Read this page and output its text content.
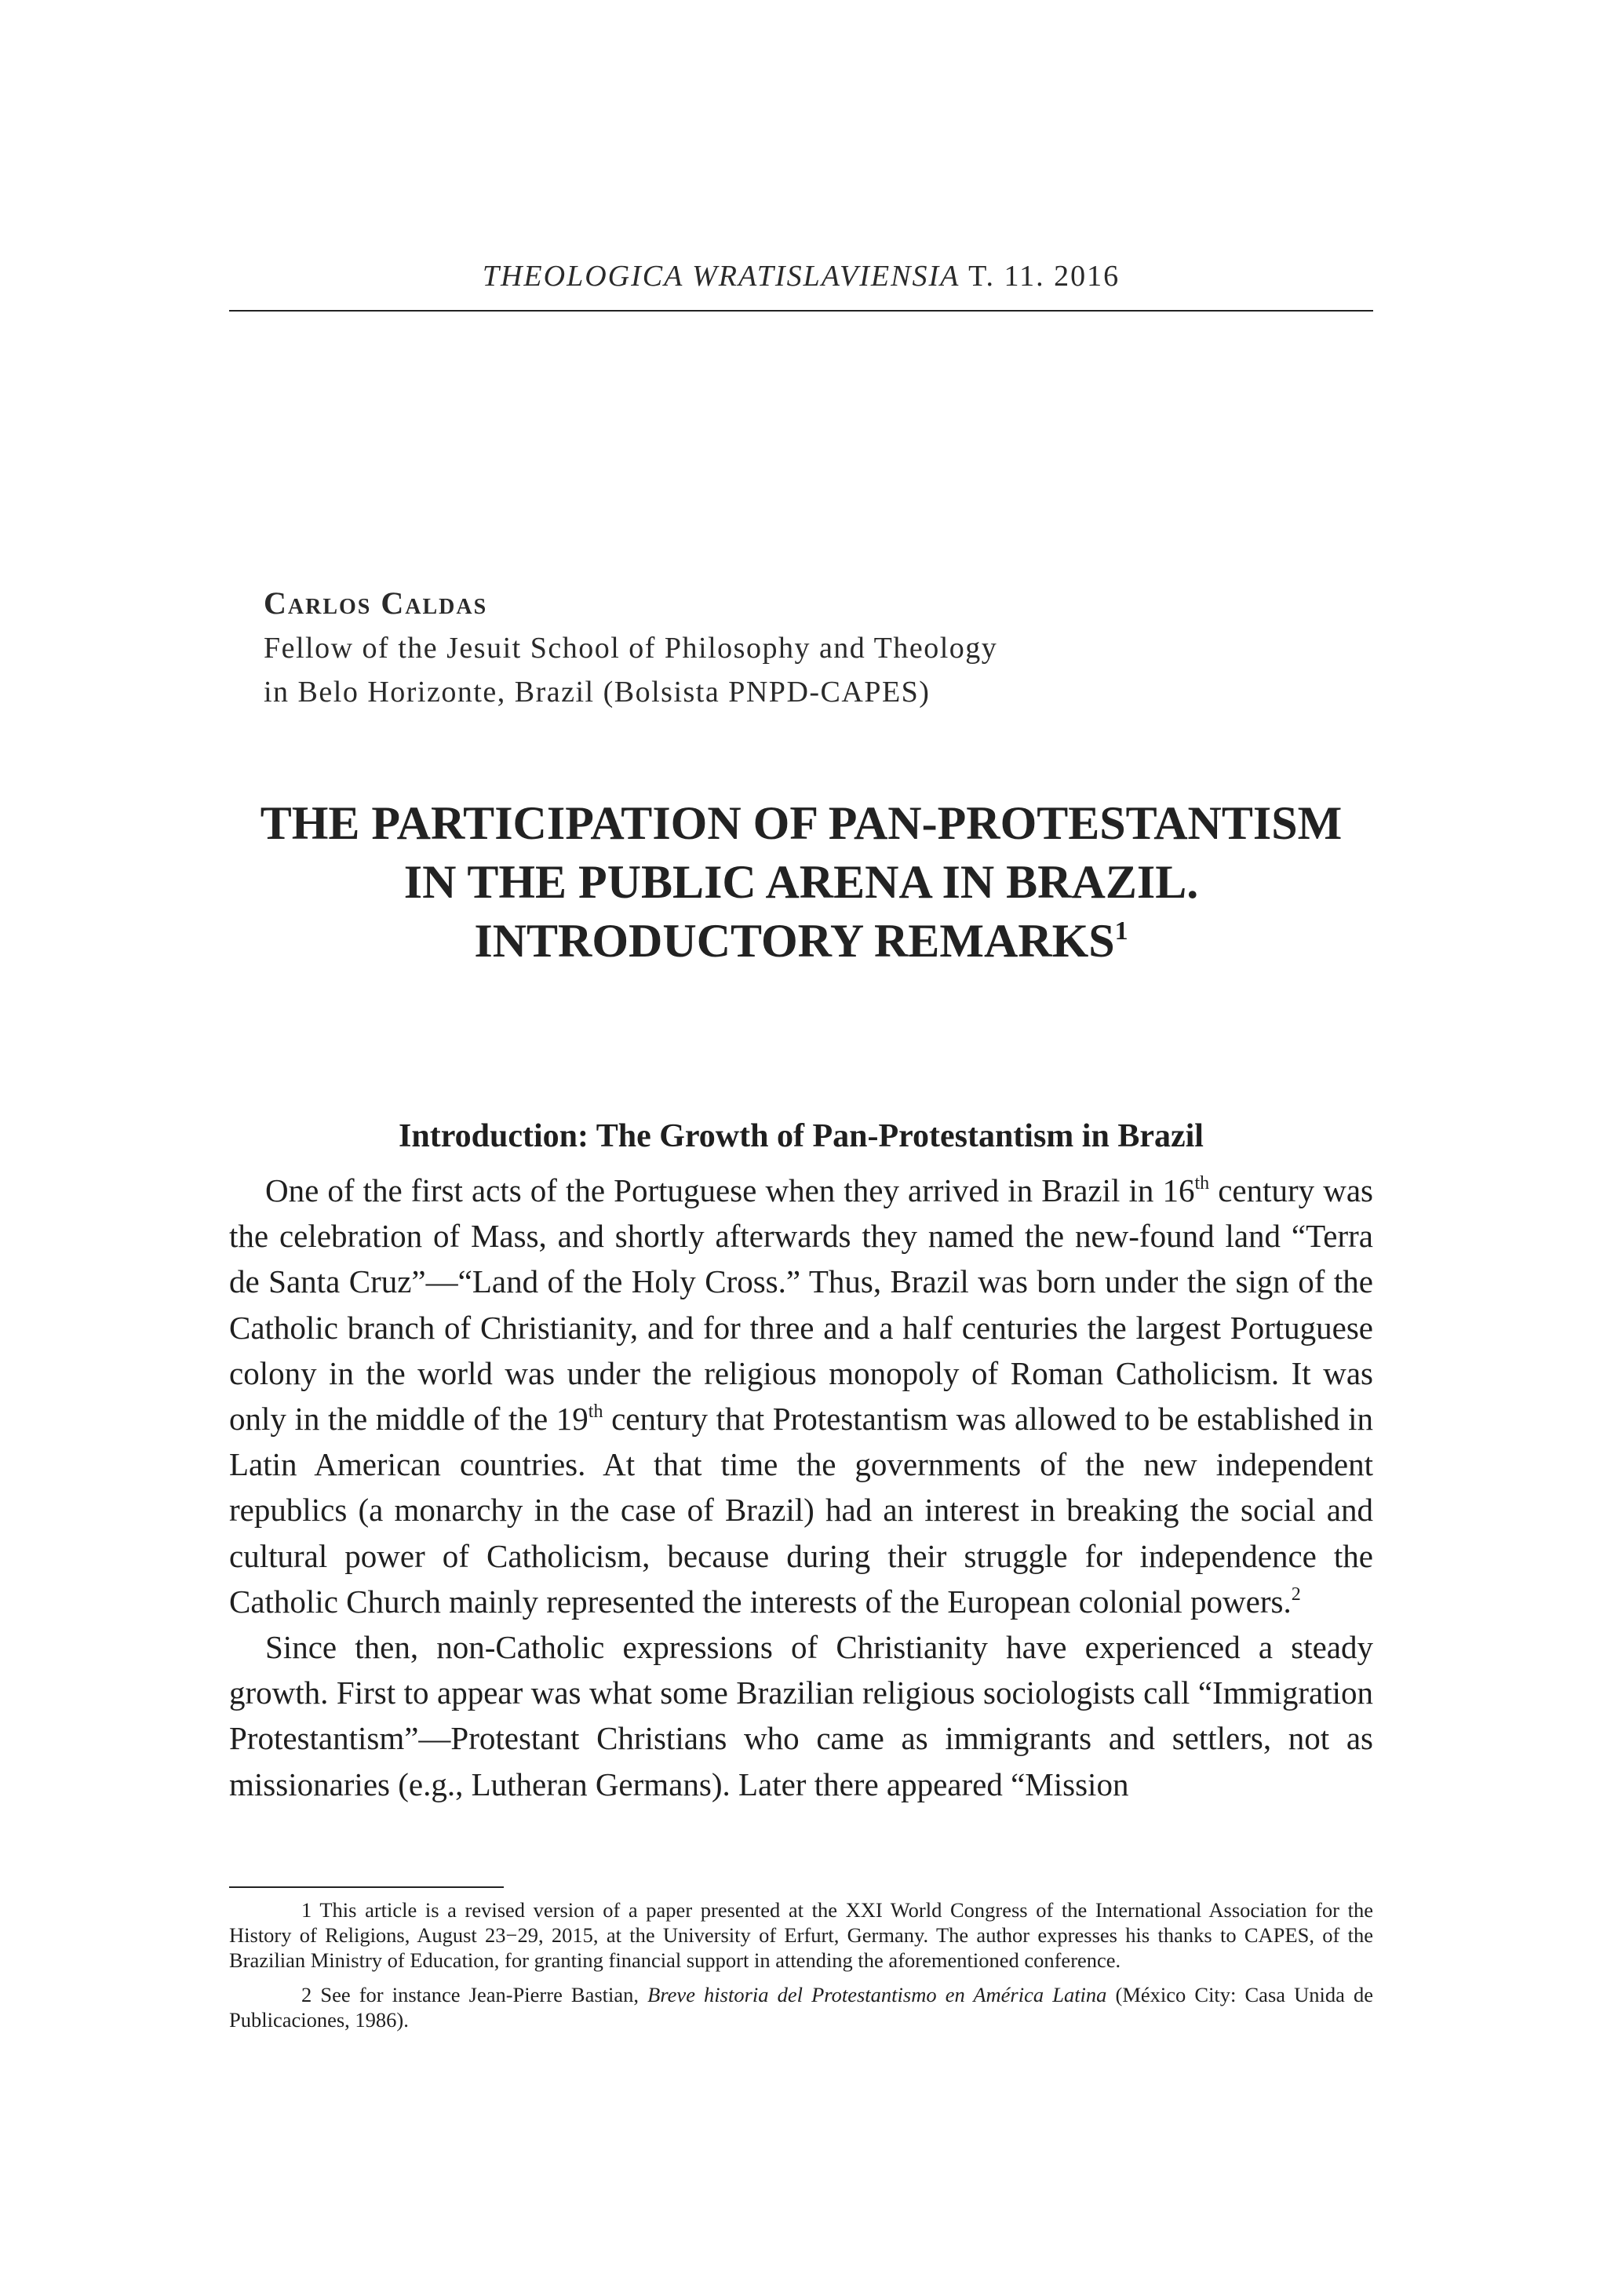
THEOLOGICA WRATISLAVIENSIA T. 11. 2016
Carlos Caldas
Fellow of the Jesuit School of Philosophy and Theology
in Belo Horizonte, Brazil (Bolsista PNPD-CAPES)
THE PARTICIPATION OF PAN-PROTESTANTISM
IN THE PUBLIC ARENA IN BRAZIL.
INTRODUCTORY REMARKS$^1$
Introduction: The Growth of Pan-Protestantism in Brazil

One of the first acts of the Portuguese when they arrived in Brazil in 16th century was the celebration of Mass, and shortly afterwards they named the new-found land “Terra de Santa Cruz”—“Land of the Holy Cross.” Thus, Brazil was born under the sign of the Catholic branch of Christianity, and for three and a half centuries the largest Portuguese colony in the world was under the religious monopoly of Roman Catholicism. It was only in the middle of the 19th century that Protestantism was allowed to be established in Latin American countries. At that time the governments of the new independent republics (a monarchy in the case of Brazil) had an interest in breaking the social and cultural power of Catholicism, because during their struggle for independence the Catholic Church mainly represented the interests of the European colonial powers.$^2$

Since then, non-Catholic expressions of Christianity have experienced a steady growth. First to appear was what some Brazilian religious sociologists call “Immigration Protestantism”—Protestant Christians who came as immigrants and settlers, not as missionaries (e.g., Lutheran Germans). Later there appeared “Mission

1 This article is a revised version of a paper presented at the XXI World Congress of the International Association for the History of Religions, August 23−29, 2015, at the University of Erfurt, Germany. The author expresses his thanks to CAPES, of the Brazilian Ministry of Education, for granting financial support in attending the aforementioned conference.

2 See for instance Jean-Pierre Bastian, Breve historia del Protestantismo en América Latina (México City: Casa Unida de Publicaciones, 1986).
